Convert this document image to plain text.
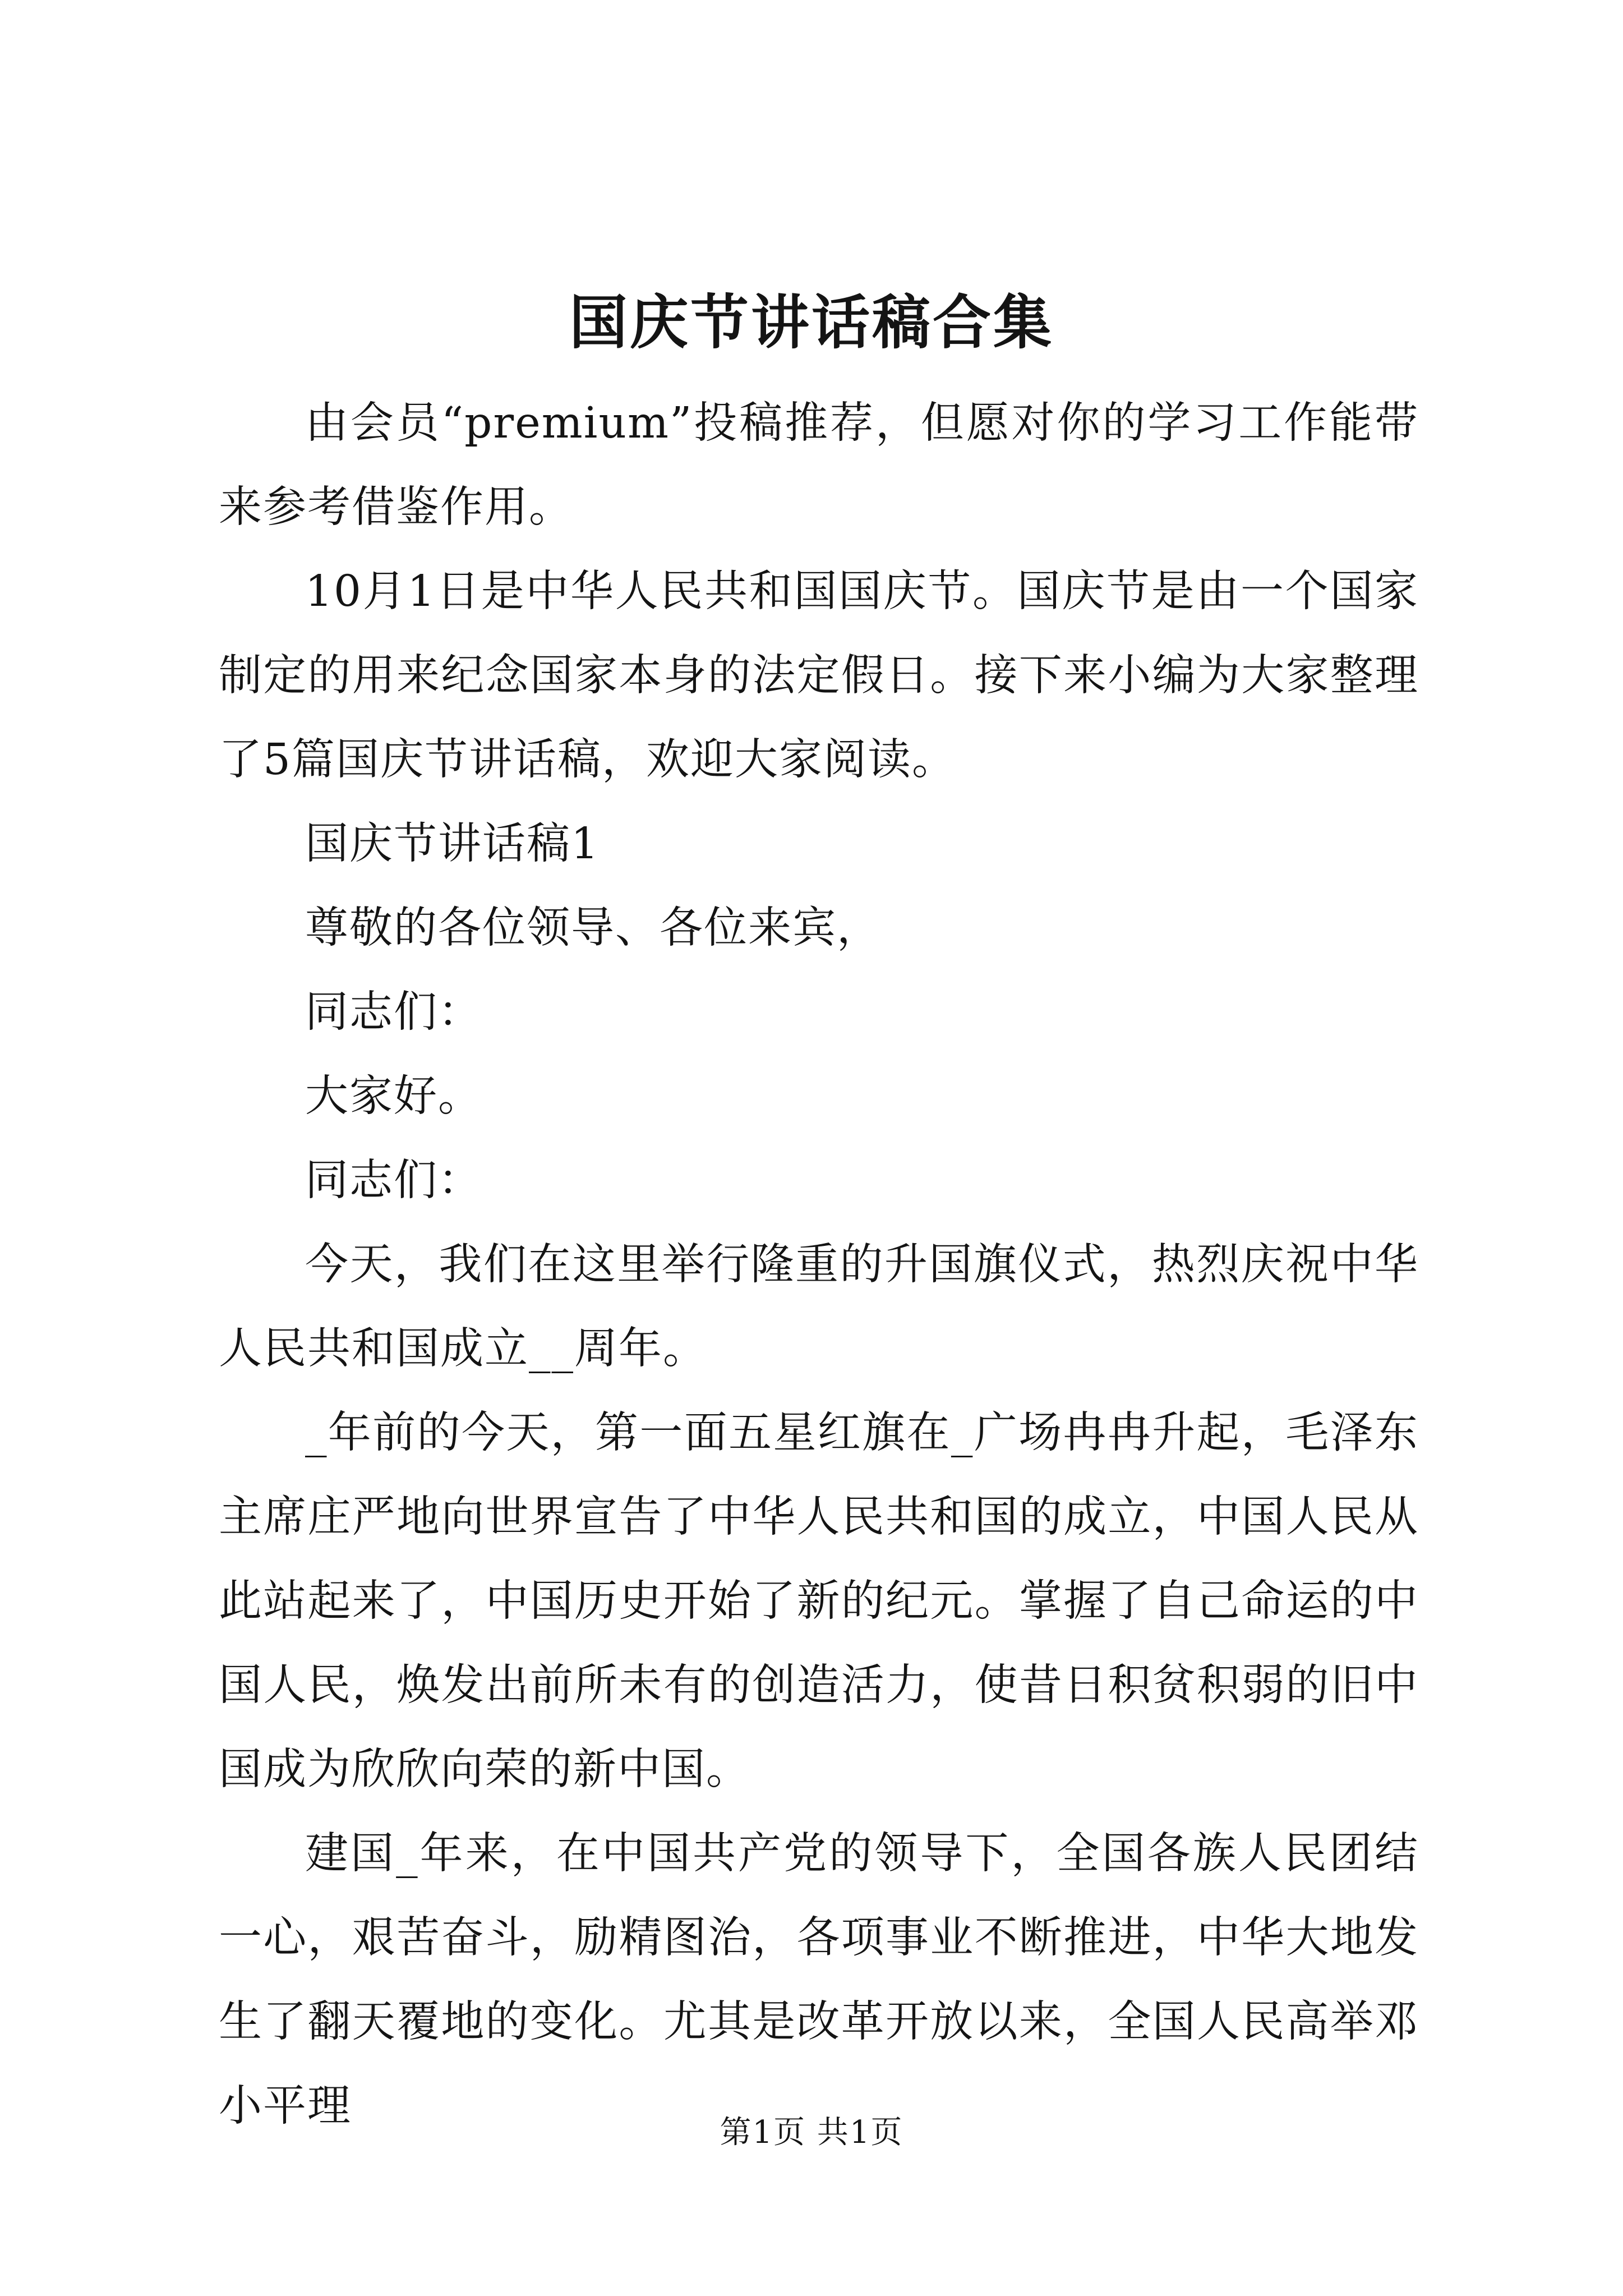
国庆节讲话稿合集

由会员“premium”投稿推荐，但愿对你的学习工作能带来参考借鉴作用。

10月1日是中华人民共和国国庆节。国庆节是由一个国家制定的用来纪念国家本身的法定假日。接下来小编为大家整理了5篇国庆节讲话稿，欢迎大家阅读。

国庆节讲话稿1

尊敬的各位领导、各位来宾，

同志们：

大家好。

同志们：

今天，我们在这里举行隆重的升国旗仪式，热烈庆祝中华人民共和国成立__周年。

_年前的今天，第一面五星红旗在_广场冉冉升起，毛泽东主席庄严地向世界宣告了中华人民共和国的成立，中国人民从此站起来了，中国历史开始了新的纪元。掌握了自己命运的中国人民，焕发出前所未有的创造活力，使昔日积贫积弱的旧中国成为欣欣向荣的新中国。

建国_年来，在中国共产党的领导下，全国各族人民团结一心，艰苦奋斗，励精图治，各项事业不断推进，中华大地发生了翻天覆地的变化。尤其是改革开放以来，全国人民高举邓小平理

第1页 共1页
